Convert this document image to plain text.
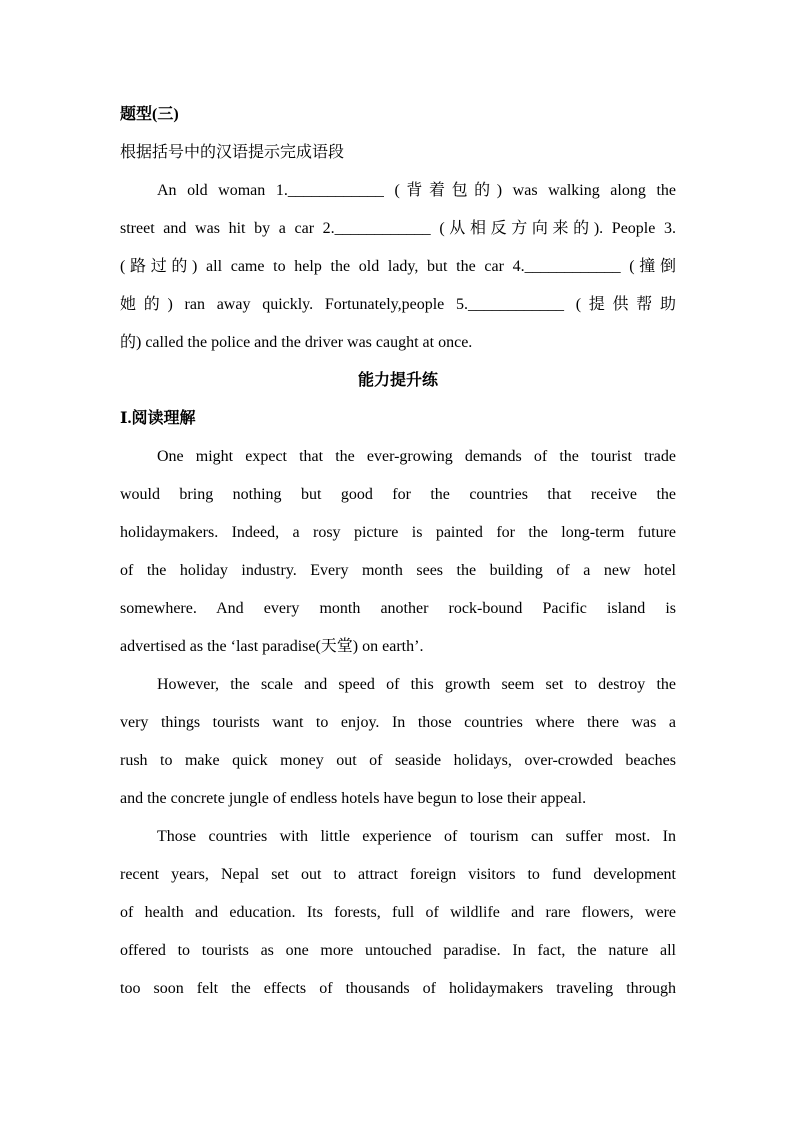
题型(三)
根据括号中的汉语提示完成语段
An old woman 1.____________ (背着包的) was walking along the
street and was hit by a car 2.____________ (从相反方向来的). People 3.
(路过的) all came to help the old lady, but the car 4.____________ (撞倒
她的) ran away quickly. Fortunately,people 5.____________ (提供帮助
的) called the police and the driver was caught at once.
能力提升练
Ⅰ.阅读理解
One might expect that the ever-growing demands of the tourist trade
would bring nothing but good for the countries that receive the
holidaymakers. Indeed, a rosy picture is painted for the long-term future
of the holiday industry. Every month sees the building of a new hotel
somewhere. And every month another rock-bound Pacific island is
advertised as the ‘last paradise(天堂) on earth’.
However, the scale and speed of this growth seem set to destroy the
very things tourists want to enjoy. In those countries where there was a
rush to make quick money out of seaside holidays, over-crowded beaches
and the concrete jungle of endless hotels have begun to lose their appeal.
Those countries with little experience of tourism can suffer most. In
recent years, Nepal set out to attract foreign visitors to fund development
of health and education. Its forests, full of wildlife and rare flowers, were
offered to tourists as one more untouched paradise. In fact, the nature all
too soon felt the effects of thousands of holidaymakers traveling through
